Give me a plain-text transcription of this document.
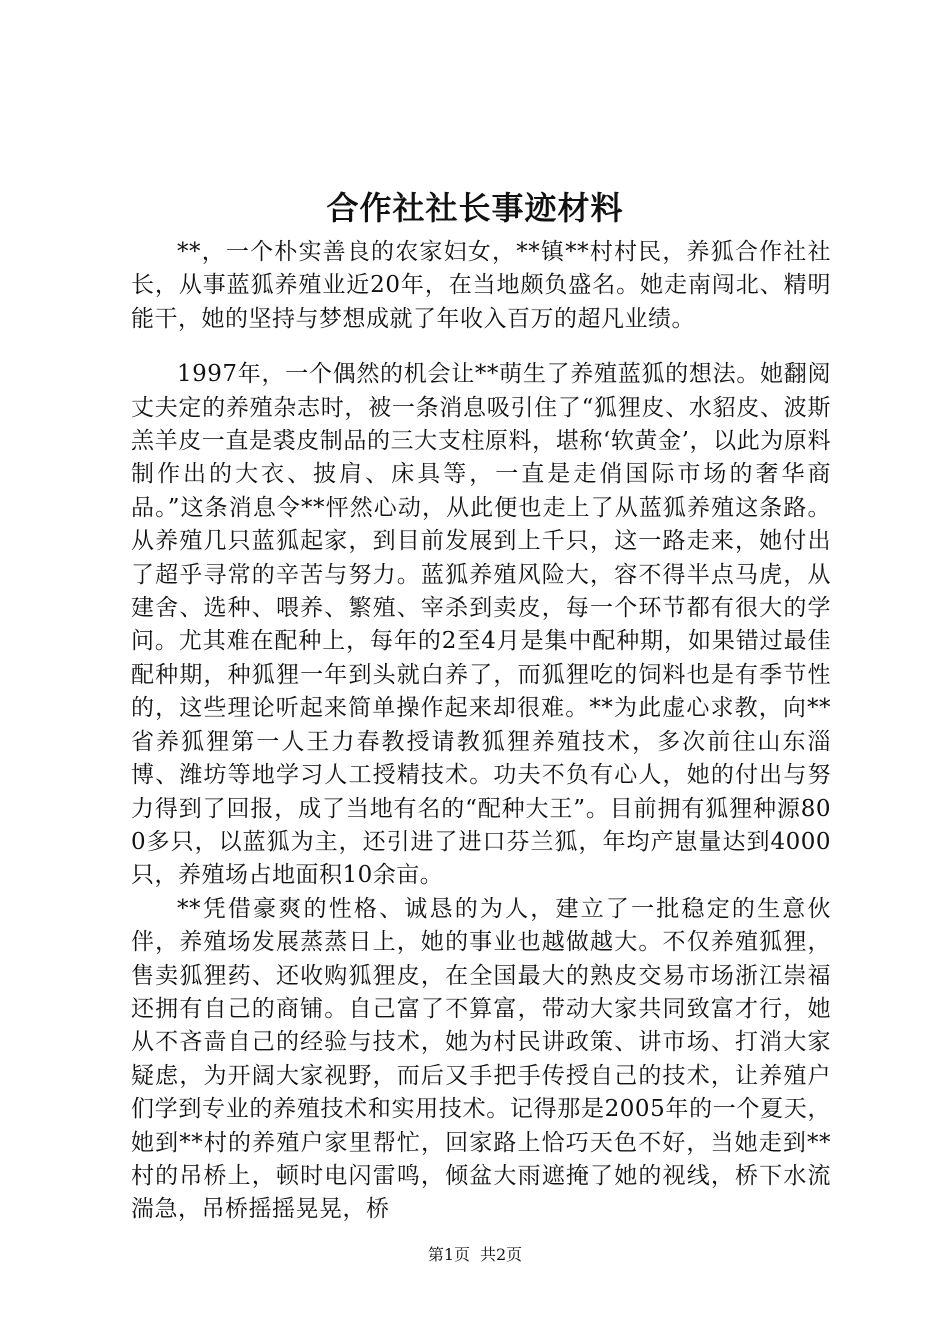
合作社社长事迹材料

**，一个朴实善良的农家妇女，**镇**村村民，养狐合作社社长，从事蓝狐养殖业近20年，在当地颇负盛名。她走南闯北、精明能干，她的坚持与梦想成就了年收入百万的超凡业绩。

1997年，一个偶然的机会让**萌生了养殖蓝狐的想法。她翻阅丈夫定的养殖杂志时，被一条消息吸引住了“狐狸皮、水貂皮、波斯羔羊皮一直是裘皮制品的三大支柱原料，堪称‘软黄金’，以此为原料制作出的大衣、披肩、床具等，一直是走俏国际市场的奢华商品。”这条消息令**怦然心动，从此便也走上了从蓝狐养殖这条路。从养殖几只蓝狐起家，到目前发展到上千只，这一路走来，她付出了超乎寻常的辛苦与努力。蓝狐养殖风险大，容不得半点马虎，从建舍、选种、喂养、繁殖、宰杀到卖皮，每一个环节都有很大的学问。尤其难在配种上，每年的2至4月是集中配种期，如果错过最佳配种期，种狐狸一年到头就白养了，而狐狸吃的饲料也是有季节性的，这些理论听起来简单操作起来却很难。**为此虚心求教，向**省养狐狸第一人王力春教授请教狐狸养殖技术，多次前往山东淄博、潍坊等地学习人工授精技术。功夫不负有心人，她的付出与努力得到了回报，成了当地有名的“配种大王”。目前拥有狐狸种源800多只，以蓝狐为主，还引进了进口芬兰狐，年均产崽量达到4000只，养殖场占地面积10余亩。

**凭借豪爽的性格、诚恳的为人，建立了一批稳定的生意伙伴，养殖场发展蒸蒸日上，她的事业也越做越大。不仅养殖狐狸，售卖狐狸药、还收购狐狸皮，在全国最大的熟皮交易市场浙江崇福还拥有自己的商铺。自己富了不算富，带动大家共同致富才行，她从不吝啬自己的经验与技术，她为村民讲政策、讲市场、打消大家疑虑，为开阔大家视野，而后又手把手传授自己的技术，让养殖户们学到专业的养殖技术和实用技术。记得那是2005年的一个夏天，她到**村的养殖户家里帮忙，回家路上恰巧天色不好，当她走到**村的吊桥上，顿时电闪雷鸣，倾盆大雨遮掩了她的视线，桥下水流湍急，吊桥摇摇晃晃，桥

第1页 共2页
